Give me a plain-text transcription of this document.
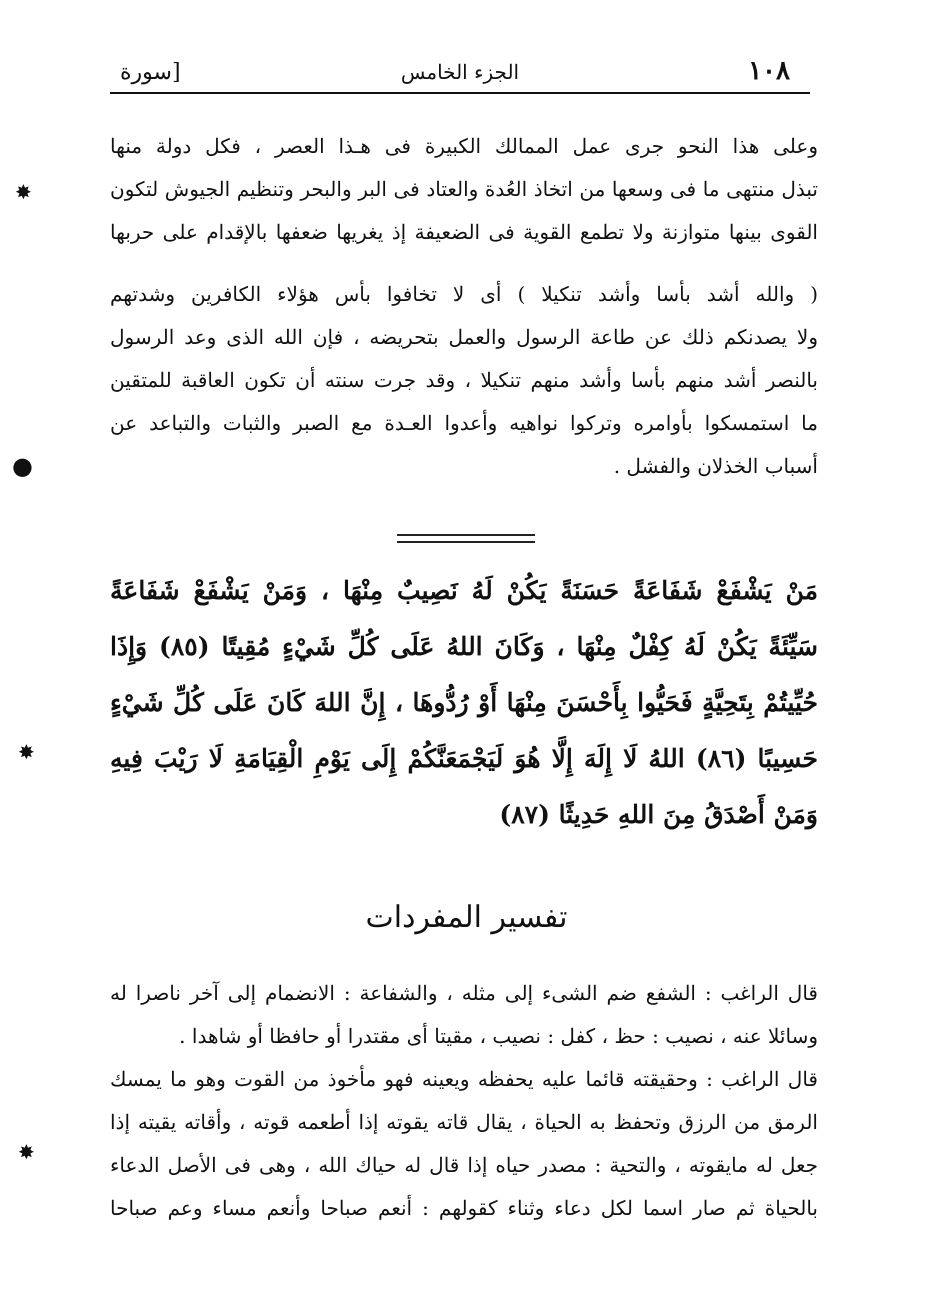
١٠٨
الجزء الخامس
[سورة
وعلى هذا النحو جرى عمل الممالك الكبيرة فى هـذا العصر ، فكل دولة منها
تبذل منتهى ما فى وسعها من اتخاذ العُدة والعتاد فى البر والبحر وتنظيم الجيوش لتكون
القوى بينها متوازنة ولا تطمع القوية فى الضعيفة إذ يغريها ضعفها بالإقدام على حربها
( والله أشد بأسا وأشد تنكيلا ) أى لا تخافوا بأس هؤلاء الكافرين وشدتهم
ولا يصدنكم ذلك عن طاعة الرسول والعمل بتحريضه ، فإن الله الذى وعد الرسول
بالنصر أشد منهم بأسا وأشد منهم تنكيلا ، وقد جرت سنته أن تكون العاقبة للمتقين
ما استمسكوا بأوامره وتركوا نواهيه وأعدوا العـدة مع الصبر والثبات والتباعد عن
أسباب الخذلان والفشل .
مَنْ يَشْفَعْ شَفَاعَةً حَسَنَةً يَكُنْ لَهُ نَصِيبٌ مِنْهَا ، وَمَنْ يَشْفَعْ شَفَاعَةً
سَيِّئَةً يَكُنْ لَهُ كِفْلٌ مِنْهَا ، وَكَانَ اللهُ عَلَى كُلِّ شَيْءٍ مُقِيتًا (٨٥) وَإِذَا
حُيِّيتُمْ بِتَحِيَّةٍ فَحَيُّوا بِأَحْسَنَ مِنْهَا أَوْ رُدُّوهَا ، إِنَّ اللهَ كَانَ عَلَى كُلِّ شَيْءٍ
حَسِيبًا (٨٦) اللهُ لَا إِلَهَ إِلَّا هُوَ لَيَجْمَعَنَّكُمْ إِلَى يَوْمِ الْقِيَامَةِ لَا رَيْبَ فِيهِ
وَمَنْ أَصْدَقُ مِنَ اللهِ حَدِيثًا (٨٧)
تفسير المفردات
قال الراغب : الشفع ضم الشىء إلى مثله ، والشفاعة : الانضمام إلى آخر ناصرا له
وسائلا عنه ، نصيب : حظ ، كفل : نصيب ، مقيتا أى مقتدرا أو حافظا أو شاهدا .
قال الراغب : وحقيقته قائما عليه يحفظه ويعينه فهو مأخوذ من القوت وهو ما يمسك
الرمق من الرزق وتحفظ به الحياة ، يقال قاته يقوته إذا أطعمه قوته ، وأقاته يقيته إذا
جعل له مايقوته ، والتحية : مصدر حياه إذا قال له حياك الله ، وهى فى الأصل الدعاء
بالحياة ثم صار اسما لكل دعاء وثناء كقولهم : أنعم صباحا وأنعم مساء وعم صباحا
✸
●
✸
✸
